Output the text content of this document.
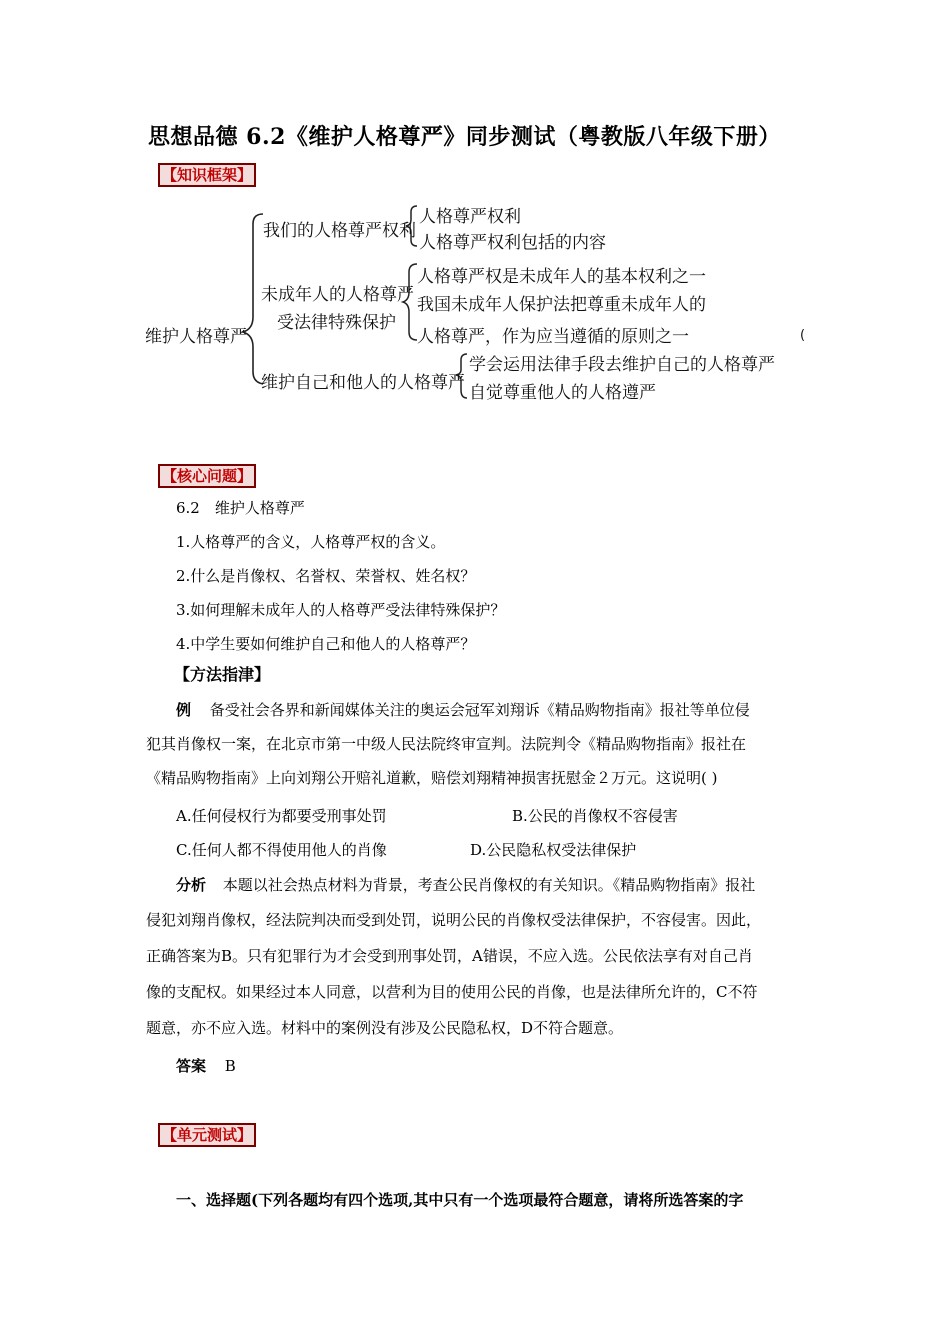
思想品德 6.2《维护人格尊严》同步测试（粤教版八年级下册）
【知识框架】
维护人格尊严
我们的人格尊严权利
人格尊严权利
人格尊严权利包括的内容
未成年人的人格尊严
受法律特殊保护
人格尊严权是未成年人的基本权利之一
我国未成年人保护法把尊重未成年人的
人格尊严，作为应当遵循的原则之一
维护自己和他人的人格尊严
学会运用法律手段去维护自己的人格尊严
自觉尊重他人的人格遵严
(
【核心问题】
6.2　维护人格尊严
1.人格尊严的含义，人格尊严权的含义。
2.什么是肖像权、名誉权、荣誉权、姓名权？
3.如何理解未成年人的人格尊严受法律特殊保护？
4.中学生要如何维护自己和他人的人格尊严？
【方法指津】
例 备受社会各界和新闻媒体关注的奥运会冠军刘翔诉《精品购物指南》报社等单位侵
犯其肖像权一案，在北京市第一中级人民法院终审宣判。法院判令《精品购物指南》报社在
《精品购物指南》上向刘翔公开赔礼道歉，赔偿刘翔精神损害抚慰金２万元。这说明( )
A.任何侵权行为都要受刑事处罚	B.公民的肖像权不容侵害
C.任何人都不得使用他人的肖像	D.公民隐私权受法律保护
分析 本题以社会热点材料为背景，考查公民肖像权的有关知识。《精品购物指南》报社
侵犯刘翔肖像权，经法院判决而受到处罚，说明公民的肖像权受法律保护，不容侵害。因此，
正确答案为B。只有犯罪行为才会受到刑事处罚，A错误，不应入选。公民依法享有对自己肖
像的支配权。如果经过本人同意，以营利为目的使用公民的肖像，也是法律所允许的，C不符
题意，亦不应入选。材料中的案例没有涉及公民隐私权，D不符合题意。
答案 B
【单元测试】
一、选择题(下列各题均有四个选项,其中只有一个选项最符合题意，请将所选答案的字
